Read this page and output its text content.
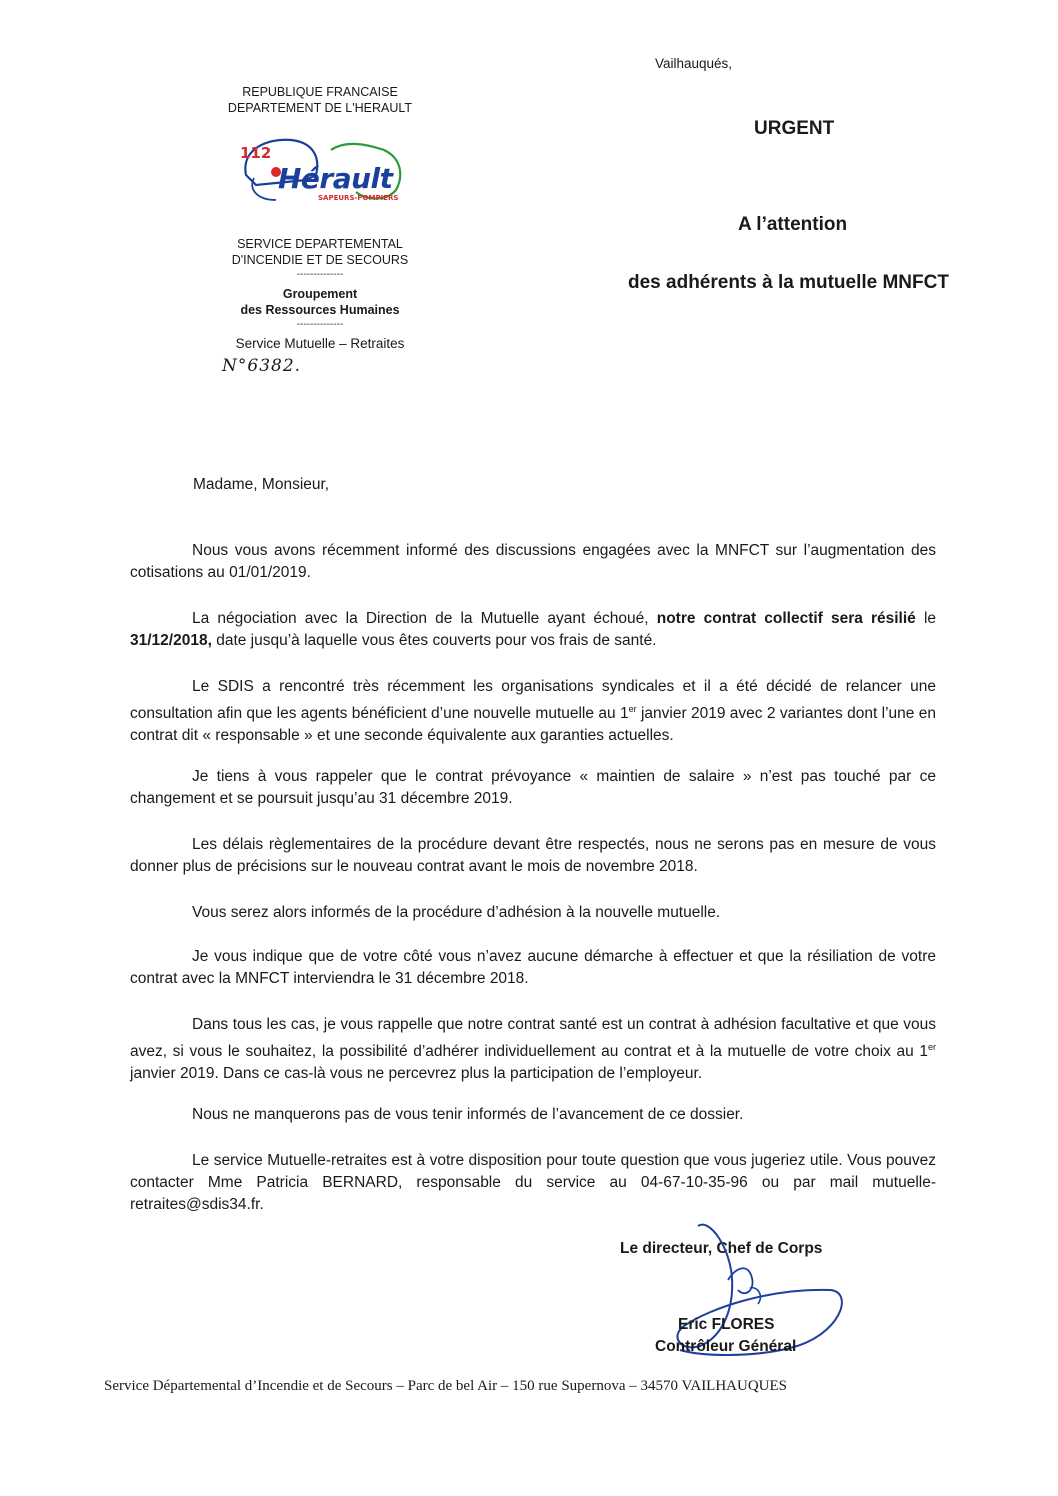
Vailhauqués,
REPUBLIQUE FRANCAISE
DEPARTEMENT DE L'HERAULT
112
Hérault
SAPEURS-POMPIERS
SERVICE DEPARTEMENTAL
D'INCENDIE ET DE SECOURS
--------------
Groupement
des Ressources Humaines
--------------
Service Mutuelle – Retraites
N°6382.
URGENT
A l’attention
des adhérents à la mutuelle MNFCT
Madame, Monsieur,
Nous vous avons récemment informé des discussions engagées avec la MNFCT sur l’augmentation des cotisations au 01/01/2019.
La négociation avec la Direction de la Mutuelle ayant échoué, notre contrat collectif sera résilié le 31/12/2018, date jusqu’à laquelle vous êtes couverts pour vos frais de santé.
Le SDIS a rencontré très récemment les organisations syndicales et il a été décidé de relancer une consultation afin que les agents bénéficient d’une nouvelle mutuelle au 1er janvier 2019 avec 2 variantes dont l’une en contrat dit « responsable » et une seconde équivalente aux garanties actuelles.
Je tiens à vous rappeler que le contrat prévoyance « maintien de salaire » n’est pas touché par ce changement et se poursuit jusqu’au 31 décembre 2019.
Les délais règlementaires de la procédure devant être respectés, nous ne serons pas en mesure de vous donner plus de précisions sur le nouveau contrat avant le mois de novembre 2018.
Vous serez alors informés de la procédure d’adhésion à la nouvelle mutuelle.
Je vous indique que de votre côté vous n’avez aucune démarche à effectuer et que la résiliation de votre contrat avec la MNFCT interviendra le 31 décembre 2018.
Dans tous les cas, je vous rappelle que notre contrat santé est un contrat à adhésion facultative et que vous avez, si vous le souhaitez, la possibilité d’adhérer individuellement au contrat et à la mutuelle de votre choix au 1er janvier 2019. Dans ce cas-là vous ne percevrez plus la participation de l’employeur.
Nous ne manquerons pas de vous tenir informés de l’avancement de ce dossier.
Le service Mutuelle-retraites est à votre disposition pour toute question que vous jugeriez utile. Vous pouvez contacter Mme Patricia BERNARD, responsable du service au 04-67-10-35-96 ou par mail mutuelle-retraites@sdis34.fr.
Le directeur, Chef de Corps
Eric FLORES
Contrôleur Général
Service Départemental d’Incendie et de Secours – Parc de bel Air – 150 rue Supernova – 34570 VAILHAUQUES
